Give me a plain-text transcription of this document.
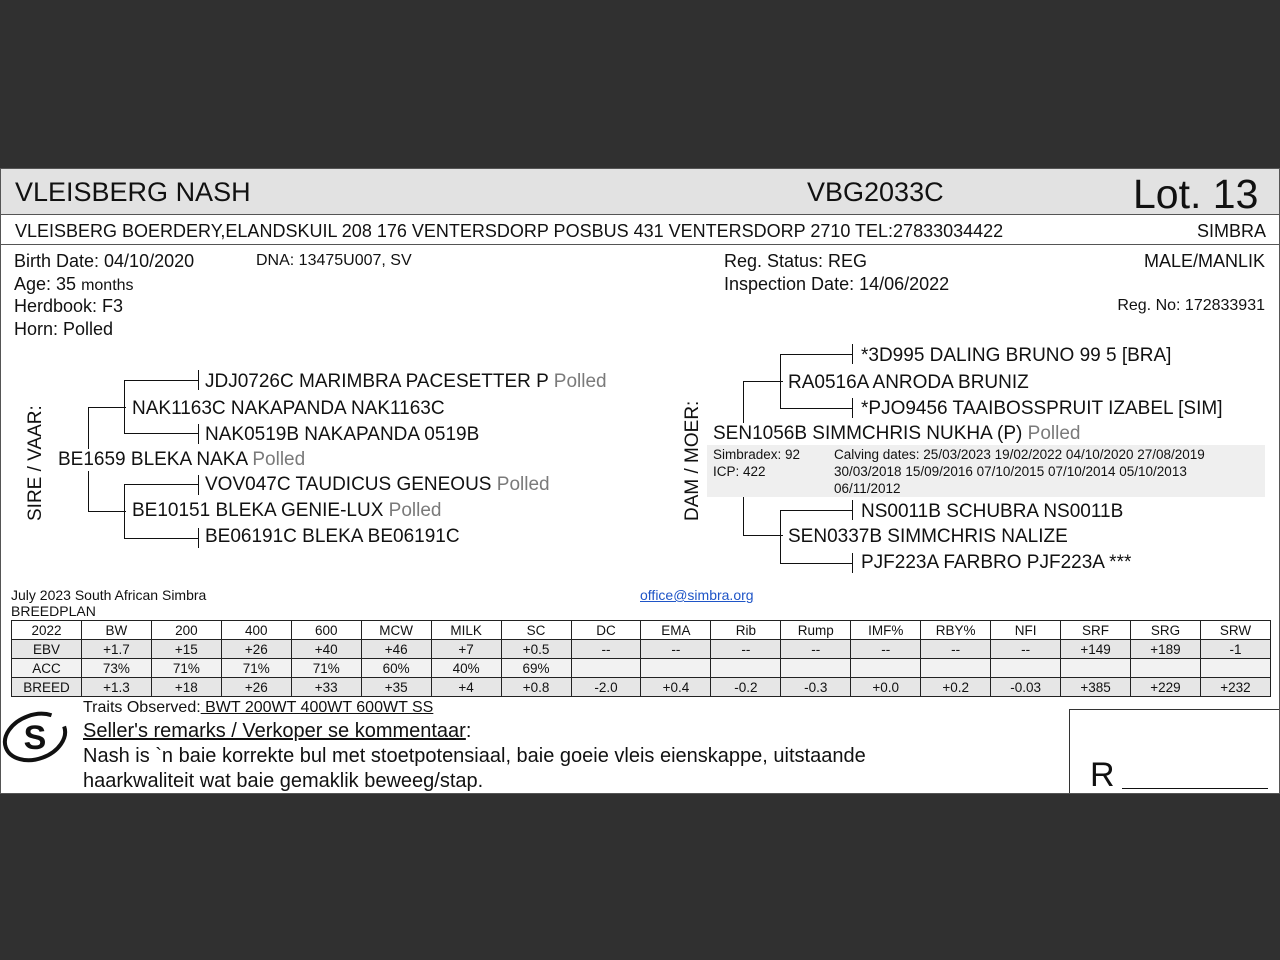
VLEISBERG NASH	VBG2033C	Lot. 13
VLEISBERG BOERDERY,ELANDSKUIL 208 176 VENTERSDORP POSBUS 431 VENTERSDORP 2710 TEL:27833034422	SIMBRA
Birth Date: 04/10/2020	DNA: 13475U007, SV
Age: 35 months
Herdbook: F3
Horn: Polled
Reg. Status: REG
Inspection Date: 14/06/2022
MALE/MANLIK
Reg. No: 172833931
SIRE / VAAR:
JDJ0726C MARIMBRA PACESETTER P Polled
NAK1163C NAKAPANDA NAK1163C
NAK0519B NAKAPANDA 0519B
BE1659 BLEKA NAKA Polled
VOV047C TAUDICUS GENEOUS Polled
BE10151 BLEKA GENIE-LUX Polled
BE06191C BLEKA BE06191C
DAM / MOER:
*3D995 DALING BRUNO 99 5 [BRA]
RA0516A ANRODA BRUNIZ
*PJO9456 TAAIBOSSPRUIT IZABEL [SIM]
SEN1056B SIMMCHRIS NUKHA (P) Polled
Simbradex: 92
ICP: 422
Calving dates: 25/03/2023 19/02/2022 04/10/2020 27/08/2019
30/03/2018 15/09/2016 07/10/2015 07/10/2014 05/10/2013
06/11/2012
NS0011B SCHUBRA NS0011B
SEN0337B SIMMCHRIS NALIZE
PJF223A FARBRO PJF223A ***
July 2023 South African Simbra
BREEDPLAN
office@simbra.org
2022	BW	200	400	600	MCW	MILK	SC	DC	EMA	Rib	Rump	IMF%	RBY%	NFI	SRF	SRG	SRW
EBV	+1.7	+15	+26	+40	+46	+7	+0.5	--	--	--	--	--	--	--	+149	+189	-1
ACC	73%	71%	71%	71%	60%	40%	69%										
BREED	+1.3	+18	+26	+33	+35	+4	+0.8	-2.0	+0.4	-0.2	-0.3	+0.0	+0.2	-0.03	+385	+229	+232
S
Traits Observed: BWT 200WT 400WT 600WT SS
Seller's remarks / Verkoper se kommentaar:
Nash is `n baie korrekte bul met stoetpotensiaal, baie goeie vleis eienskappe, uitstaande
haarkwaliteit wat baie gemaklik beweeg/stap.	R
